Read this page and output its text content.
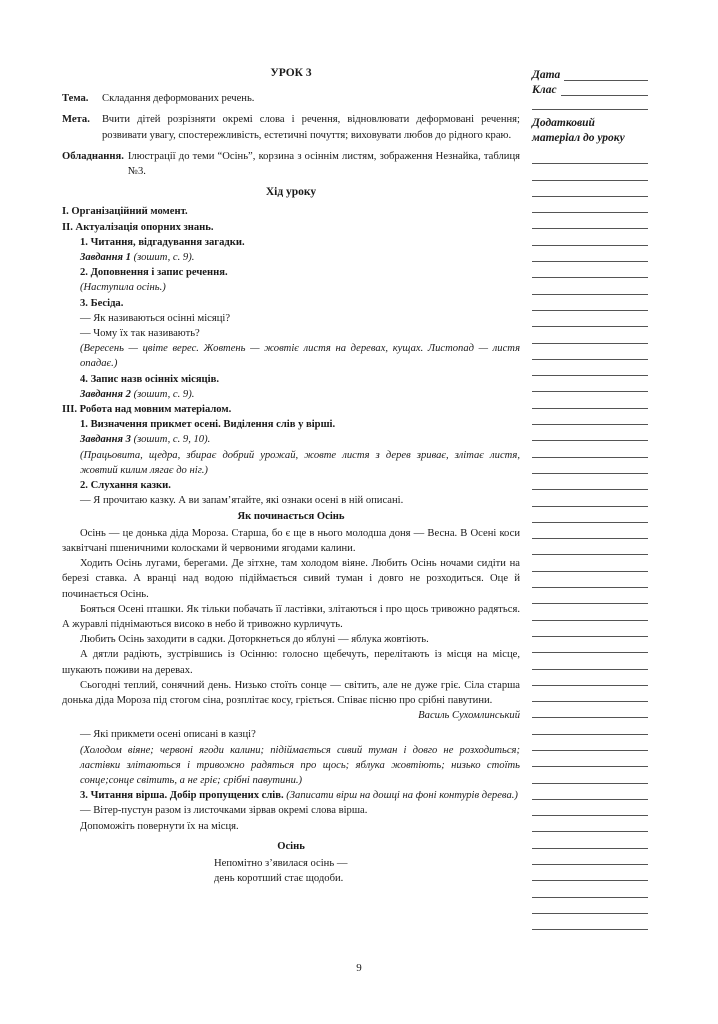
УРОК 3

Тема.	Складання деформованих речень.
Мета.	Вчити дітей розрізняти окремі слова і речення, відновлювати деформовані речення; розвивати увагу, спостережливість, естетичні почуття; виховувати любов до рідного краю.
Обладнання. Ілюстрації до теми “Осінь”, корзина з осіннім листям, зображення Незнайка, таблиця №3.

Хід уроку

І. Організаційний момент.

ІІ. Актуалізація опорних знань.

1. Читання, відгадування загадки.

Завдання 1 (зошит, с. 9).

2. Доповнення і запис речення.

(Наступила осінь.)

3. Бесіда.

— Як називаються осінні місяці?

— Чому їх так називають?

(Вересень — цвіте верес. Жовтень — жовтіє листя на деревах, кущах. Листопад — листя опадає.)

4. Запис назв осінніх місяців.

Завдання 2 (зошит, с. 9).

ІІІ. Робота над мовним матеріалом.

1. Визначення прикмет осені. Виділення слів у вірші.

Завдання 3 (зошит, с. 9, 10).

(Працьовита, щедра, збирає добрий урожай, жовте листя з дерев зриває, злітає листя, жовтий килим лягає до ніг.)

2. Слухання казки.

— Я прочитаю казку. А ви запам’ятайте, які ознаки осені в ній описані.

Як починається Осінь

Осінь — це донька діда Мороза. Старша, бо є ще в нього молодша доня — Весна. В Осені коси заквітчані пшеничними колосками й червоними ягодами калини.

Ходить Осінь лугами, берегами. Де зітхне, там холодом віяне. Любить Осінь ночами сидіти на березі ставка. А вранці над водою підіймається сивий туман і довго не розходиться. Оце й починається Осінь.

Бояться Осені пташки. Як тільки побачать її ластівки, злітаються і про щось тривожно радяться. А журавлі піднімаються високо в небо й тривожно курличуть.

Любить Осінь заходити в садки. Доторкнеться до яблуні — яблука жовтіють.

А дятли радіють, зустрівшись із Осінню: голосно щебечуть, перелітають із місця на місце, шукають поживи на деревах.

Сьогодні теплий, сонячний день. Низько стоїть сонце — світить, але не дуже гріє. Сіла старша донька діда Мороза під стогом сіна, розплітає косу, гріється. Співає пісню про срібні павутини.

Василь Сухомлинський

— Які прикмети осені описані в казці?

(Холодом віяне; червоні ягоди калини; підіймається сивий туман і довго не розходиться; ластівки злітаються і тривожно радяться про щось; яблука жовтіють; низько стоїть сонце;сонце світить, а не гріє; срібні павутини.)

3. Читання вірша. Добір пропущених слів. (Записати вірш на дошці на фоні контурів дерева.)

— Вітер-пустун разом із листочками зірвав окремі слова вірша.

Допоможіть повернути їх на місця.

Осінь

Непомітно з’явилася осінь —

день коротший стає щодоби.

Дата
Клас
Додатковий
матеріал до уроку
9
